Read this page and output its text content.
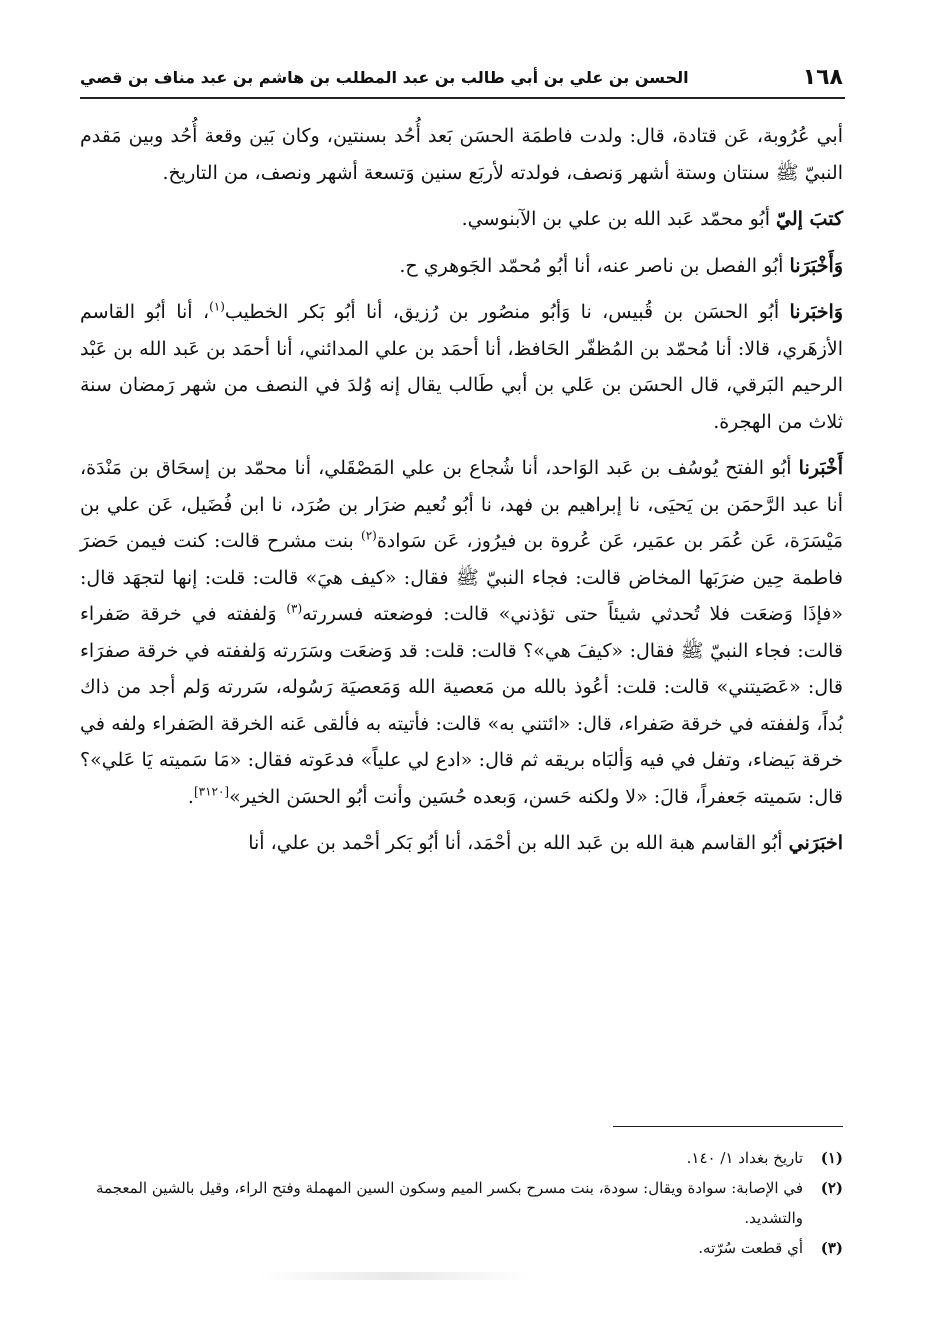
١٦٨
الحسن بن علي بن أبي طالب بن عبد المطلب بن هاشم بن عبد مناف بن قصي

أبي عُرُوبة، عَن قتادة، قال: ولدت فاطمَة الحسَن بَعد أُحُد بسنتين، وكان بَين وقعة أُحُد وبين مَقدم النبيّ ﷺ سنتان وستة أشهر وَنصف، فولدته لأربَع سنين وَتسعة أشهر ونصف، من التاريخ.

كتبَ إليّ أبُو محمّد عَبد الله بن علي بن الآبنوسي.

وَأَخْبَرَنا أبُو الفصل بن ناصر عنه، أنا أبُو مُحمّد الجَوهري ح.

وَاخبَرنا أبُو الحسَن بن قُبيس، نا وَأبُو منصُور بن رُزيق، أنا أبُو بَكر الخطيب$^{(١)}$، أنا أبُو القاسم الأزهَري، قالا: أنا مُحمّد بن المُظفّر الحَافظ، أنا أحمَد بن علي المدائني، أنا أحمَد بن عَبد الله بن عَبْد الرحيم البَرقي، قال الحسَن بن عَلي بن أبي طَالب يقال إنه وُلدَ في النصف من شهر رَمضان سنة ثلاث من الهجرة.

أَخْبَرنا أبُو الفتح يُوسُف بن عَبد الوَاحد، أنا شُجاع بن علي المَصْقَلي، أنا محمّد بن إسحَاق بن مَنْدَة، أنا عبد الرَّحمَن بن يَحيَى، نا إبراهيم بن فهد، نا أبُو نُعيم ضرَار بن صُرَد، نا ابن فُضَيل، عَن علي بن مَيْسَرَة، عَن عُمَر بن عمَير، عَن عُروة بن فيرُوز، عَن سَوادة$^{(٢)}$ بنت مشرح قالت: كنت فيمن حَضرَ فاطمة حِين ضرَبَها المخاض قالت: فجاء النبيّ ﷺ فقال: «كيف هيَ» قالت: قلت: إنها لتجهَد قال: «فإذَا وَضعَت فلا تُحدثي شيئاً حتى تؤذني» قالت: فوضعته فسررته$^{(٣)}$ وَلففته في خرقة صَفراء قالت: فجاء النبيّ ﷺ فقال: «كيفَ هي»؟ قالت: قلت: قد وَضعَت وسَرَرته وَلففته في خرقة صفرَاء قال: «عَصَيتني» قالت: قلت: أعُوذ بالله من مَعصية الله وَمَعصيَة رَسُوله، سَررته وَلم أجد من ذاك بُداً، وَلففته في خرقة صَفراء، قال: «ائتني به» قالت: فأتيته به فألقى عَنه الخرقة الصَفراء ولفه في خرقة بَيضاء، وتفل في فيه وَألبَاه بريقه ثم قال: «ادع لي علياً» فدعَوته فقال: «مَا سَميته يَا عَلي»؟ قال: سَميته جَعفراً، قالَ: «لا ولكنه حَسن، وَبعده حُسَين وأنت أبُو الحسَن الخير»[٣١٢٠].

اخبَرَني أبُو القاسم هبة الله بن عَبد الله بن أحْمَد، أنا أبُو بَكر أحْمد بن علي، أنا

(١)
تاريخ بغداد ١/ ١٤٠.
(٢)
في الإصابة: سوادة ويقال: سودة، بنت مسرح بكسر الميم وسكون السين المهملة وفتح الراء، وقيل بالشين المعجمة والتشديد.
(٣)
أي قطعت سُرّته.
